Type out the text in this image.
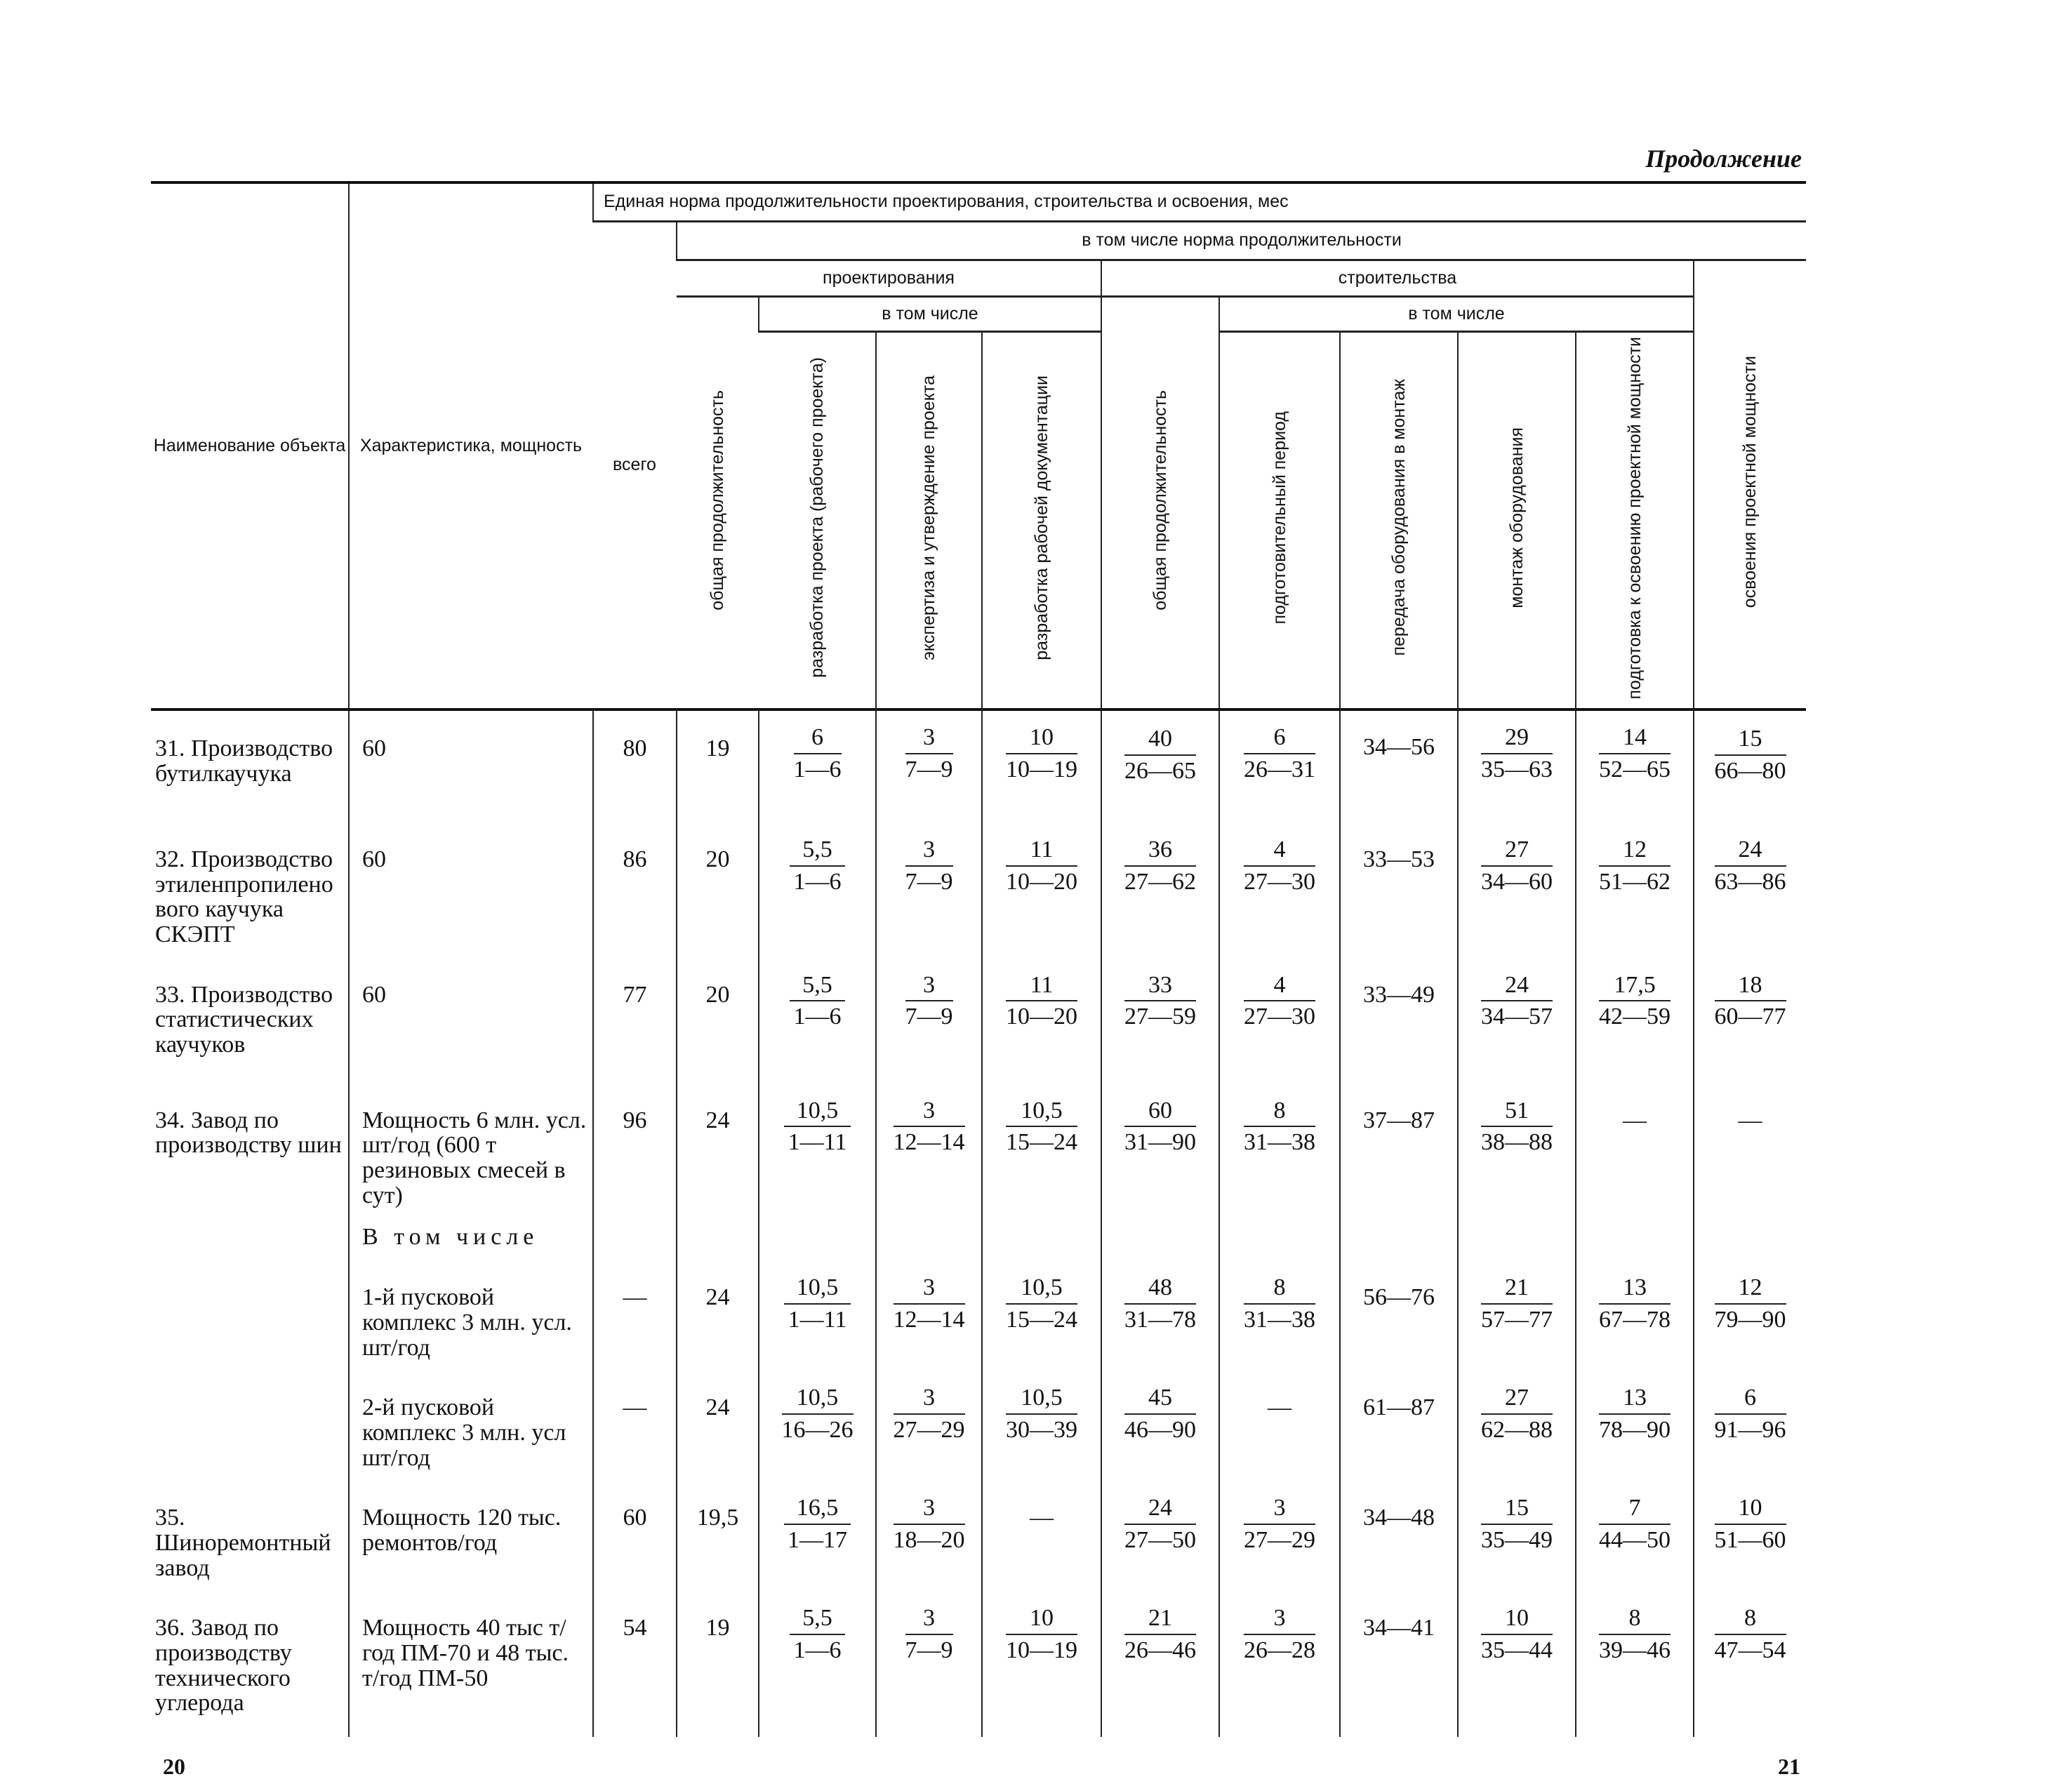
Продолжение
Наименование объекта	Характеристика, мощность	Единая норма продолжительности проектирования, строительства и освоения, мес										
		всего	в том числе норма продолжительности									
			проектирования				строительства					освоения проектной мощности
			общая продолжительность	в том числе			общая продолжительность	в том числе				
				разработка проекта (рабочего проекта)	экспертиза и утверждение проекта	разработка рабочей документации		подготовительный период	передача оборудования в монтаж	монтаж оборудования	подготовка к освоению проектной мощности	

31. Производство бутилкаучука	60	80	19	$\frac{6}{1—6}$	$\frac{3}{7—9}$	$\frac{10}{10—19}$	$\frac{40}{26—65}$	$\frac{6}{26—31}$	34—56	$\frac{29}{35—63}$	$\frac{14}{52—65}$	$\frac{15}{66—80}$

32. Производство этиленпропиленового каучука СКЭПТ	60	86	20	$\frac{5,5}{1—6}$	$\frac{3}{7—9}$	$\frac{11}{10—20}$	$\frac{36}{27—62}$	$\frac{4}{27—30}$	33—53	$\frac{27}{34—60}$	$\frac{12}{51—62}$	$\frac{24}{63—86}$

33. Производство статистических каучуков	60	77	20	$\frac{5,5}{1—6}$	$\frac{3}{7—9}$	$\frac{11}{10—20}$	$\frac{33}{27—59}$	$\frac{4}{27—30}$	33—49	$\frac{24}{34—57}$	$\frac{17,5}{42—59}$	$\frac{18}{60—77}$

34. Завод по производству шин	Мощность 6 млн. усл. шт/год (600 т резиновых смесей в сут)	96	24	$\frac{10,5}{1—11}$	$\frac{3}{12—14}$	$\frac{10,5}{15—24}$	$\frac{60}{31—90}$	$\frac{8}{31—38}$	37—87	$\frac{51}{38—88}$	—	—
	В том числе											
	1-й пусковой комплекс 3 млн. усл. шт/год	—	24	$\frac{10,5}{1—11}$	$\frac{3}{12—14}$	$\frac{10,5}{15—24}$	$\frac{48}{31—78}$	$\frac{8}{31—38}$	56—76	$\frac{21}{57—77}$	$\frac{13}{67—78}$	$\frac{12}{79—90}$

	2-й пусковой комплекс 3 млн. усл шт/год	—	24	$\frac{10,5}{16—26}$	$\frac{3}{27—29}$	$\frac{10,5}{30—39}$	$\frac{45}{46—90}$	—	61—87	$\frac{27}{62—88}$	$\frac{13}{78—90}$	$\frac{6}{91—96}$

35. Шиноремонтный завод	Мощность 120 тыс. ремонтов/год	60	19,5	$\frac{16,5}{1—17}$	$\frac{3}{18—20}$	—	$\frac{24}{27—50}$	$\frac{3}{27—29}$	34—48	$\frac{15}{35—49}$	$\frac{7}{44—50}$	$\frac{10}{51—60}$

36. Завод по производству технического углерода	Мощность 40 тыс т/год ПМ-70 и 48 тыс. т/год ПМ-50	54	19	$\frac{5,5}{1—6}$	$\frac{3}{7—9}$	$\frac{10}{10—19}$	$\frac{21}{26—46}$	$\frac{3}{26—28}$	34—41	$\frac{10}{35—44}$	$\frac{8}{39—46}$	$\frac{8}{47—54}$
20	21
